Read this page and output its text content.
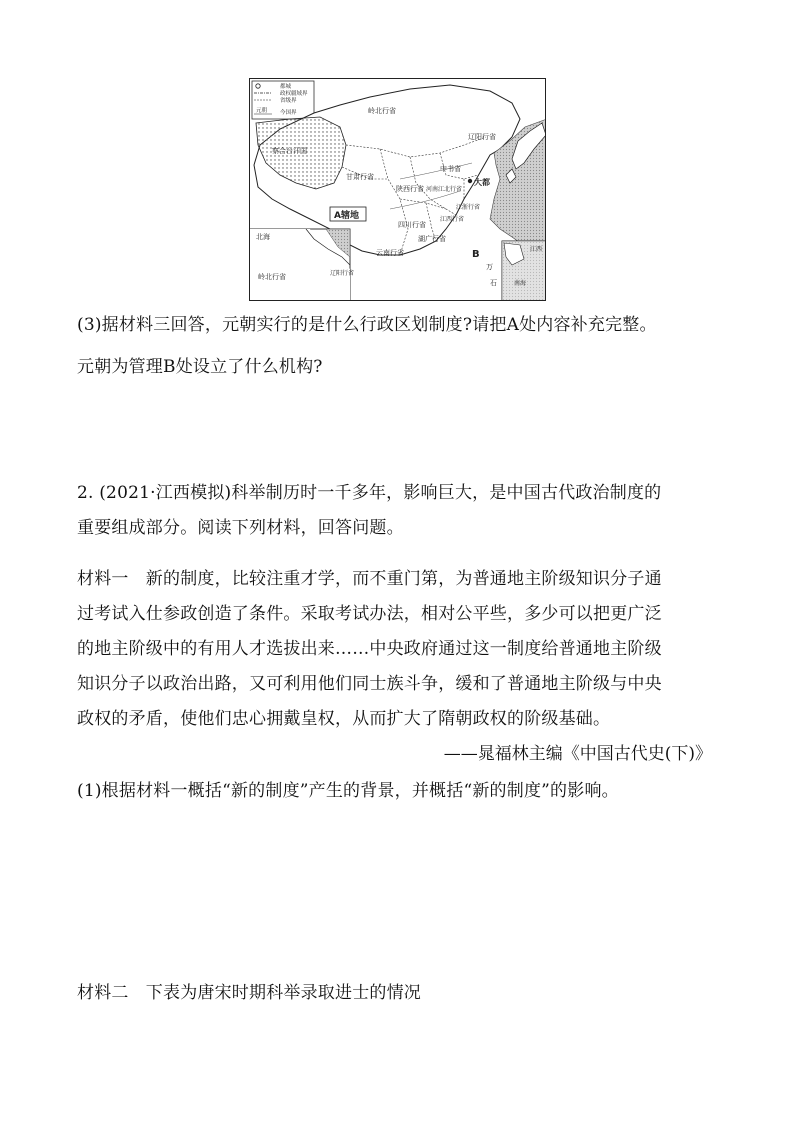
都城
政权疆域界
省级界
元朝 今国界	岭北行省
辽阳行省
察合台汗国
中书省
甘肃行省
陕西行省 河南江北行省
四川行省
江浙行省
江西行省
湖广行省
云南行省
大都
A辖地
B
北海
岭北行省	辽阳行省
江西
南海
万
石
(3)据材料三回答，元朝实行的是什么行政区划制度?请把A处内容补充完整。
元朝为管理B处设立了什么机构?
2. (2021·江西模拟)科举制历时一千多年，影响巨大，是中国古代政治制度的
重要组成部分。阅读下列材料，回答问题。
材料一　新的制度，比较注重才学，而不重门第，为普通地主阶级知识分子通
过考试入仕参政创造了条件。采取考试办法，相对公平些，多少可以把更广泛
的地主阶级中的有用人才选拔出来……中央政府通过这一制度给普通地主阶级
知识分子以政治出路，又可利用他们同士族斗争，缓和了普通地主阶级与中央
政权的矛盾，使他们忠心拥戴皇权，从而扩大了隋朝政权的阶级基础。
——晁福林主编《中国古代史(下)》
(1)根据材料一概括“新的制度”产生的背景，并概括“新的制度”的影响。
材料二　下表为唐宋时期科举录取进士的情况
